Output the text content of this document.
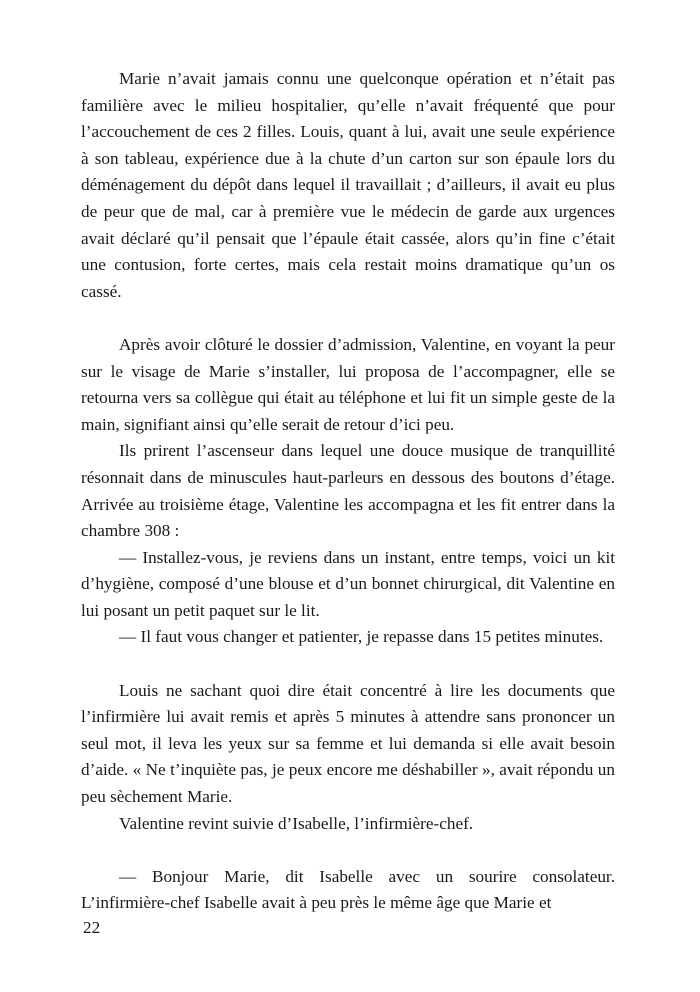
Marie n’avait jamais connu une quelconque opération et n’était pas familière avec le milieu hospitalier, qu’elle n’avait fréquenté que pour l’accouchement de ces 2 filles. Louis, quant à lui, avait une seule expérience à son tableau, expérience due à la chute d’un carton sur son épaule lors du déménagement du dépôt dans lequel il travaillait ; d’ailleurs, il avait eu plus de peur que de mal, car à première vue le médecin de garde aux urgences avait déclaré qu’il pensait que l’épaule était cassée, alors qu’in fine c’était une contusion, forte certes, mais cela restait moins dramatique qu’un os cassé.

Après avoir clôturé le dossier d’admission, Valentine, en voyant la peur sur le visage de Marie s’installer, lui proposa de l’accompagner, elle se retourna vers sa collègue qui était au téléphone et lui fit un simple geste de la main, signifiant ainsi qu’elle serait de retour d’ici peu.

Ils prirent l’ascenseur dans lequel une douce musique de tranquillité résonnait dans de minuscules haut-parleurs en dessous des boutons d’étage. Arrivée au troisième étage, Valentine les accompagna et les fit entrer dans la chambre 308 :

— Installez-vous, je reviens dans un instant, entre temps, voici un kit d’hygiène, composé d’une blouse et d’un bonnet chirurgical, dit Valentine en lui posant un petit paquet sur le lit.

— Il faut vous changer et patienter, je repasse dans 15 petites minutes.

Louis ne sachant quoi dire était concentré à lire les documents que l’infirmière lui avait remis et après 5 minutes à attendre sans prononcer un seul mot, il leva les yeux sur sa femme et lui demanda si elle avait besoin d’aide. « Ne t’inquiète pas, je peux encore me déshabiller », avait répondu un peu sèchement Marie.

Valentine revint suivie d’Isabelle, l’infirmière-chef.

— Bonjour Marie, dit Isabelle avec un sourire consolateur. L’infirmière-chef Isabelle avait à peu près le même âge que Marie et

22
